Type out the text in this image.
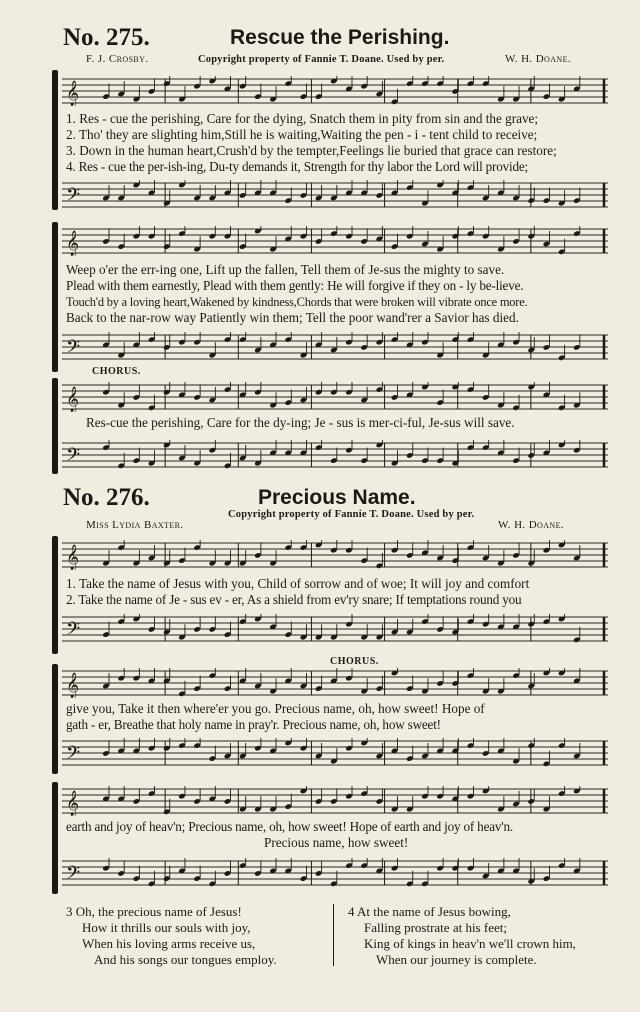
No. 275.	Rescue the Perishing.
F. J. Crosby.	Copyright property of Fannie T. Doane. Used by per.	W. H. Doane.
𝄞
1. Res - cue the perishing, Care for the dying, Snatch them in pity from sin and the grave;
2. Tho' they are slighting him,Still he is waiting,Waiting the pen - i - tent child to receive;
3. Down in the human heart,Crush'd by the tempter,Feelings lie buried that grace can restore;
4. Res - cue the per-ish-ing, Du-ty demands it, Strength for thy labor the Lord will provide;
𝄢
𝄞
Weep o'er the err-ing one, Lift up the fallen, Tell them of Je-sus the mighty to save.
Plead with them earnestly, Plead with them gently: He will forgive if they on - ly be-lieve.
Touch'd by a loving heart,Wakened by kindness,Chords that were broken will vibrate once more.
Back to the nar-row way Patiently win them; Tell the poor wand'rer a Savior has died.
𝄢
CHORUS.
𝄞
Res-cue the perishing, Care for the dy-ing; Je - sus is mer-ci-ful, Je-sus will save.
𝄢
No. 276.	Precious Name.
Copyright property of Fannie T. Doane. Used by per.
Miss Lydia Baxter.	W. H. Doane.
𝄞
1. Take the name of Jesus with you, Child of sorrow and of woe; It will joy and comfort
2. Take the name of Je - sus ev - er, As a shield from ev'ry snare; If temptations round you
𝄢
CHORUS.
𝄞
give you, Take it then where'er you go. Precious name, oh, how sweet! Hope of
gath - er, Breathe that holy name in pray'r. Precious name, oh, how sweet!
𝄢
𝄞
earth and joy of heav'n; Precious name, oh, how sweet! Hope of earth and joy of heav'n.
Precious name, how sweet!
𝄢
3 Oh, the precious name of Jesus!
How it thrills our souls with joy,
When his loving arms receive us,
And his songs our tongues employ.
4 At the name of Jesus bowing,
Falling prostrate at his feet;
King of kings in heav'n we'll crown him,
When our journey is complete.
